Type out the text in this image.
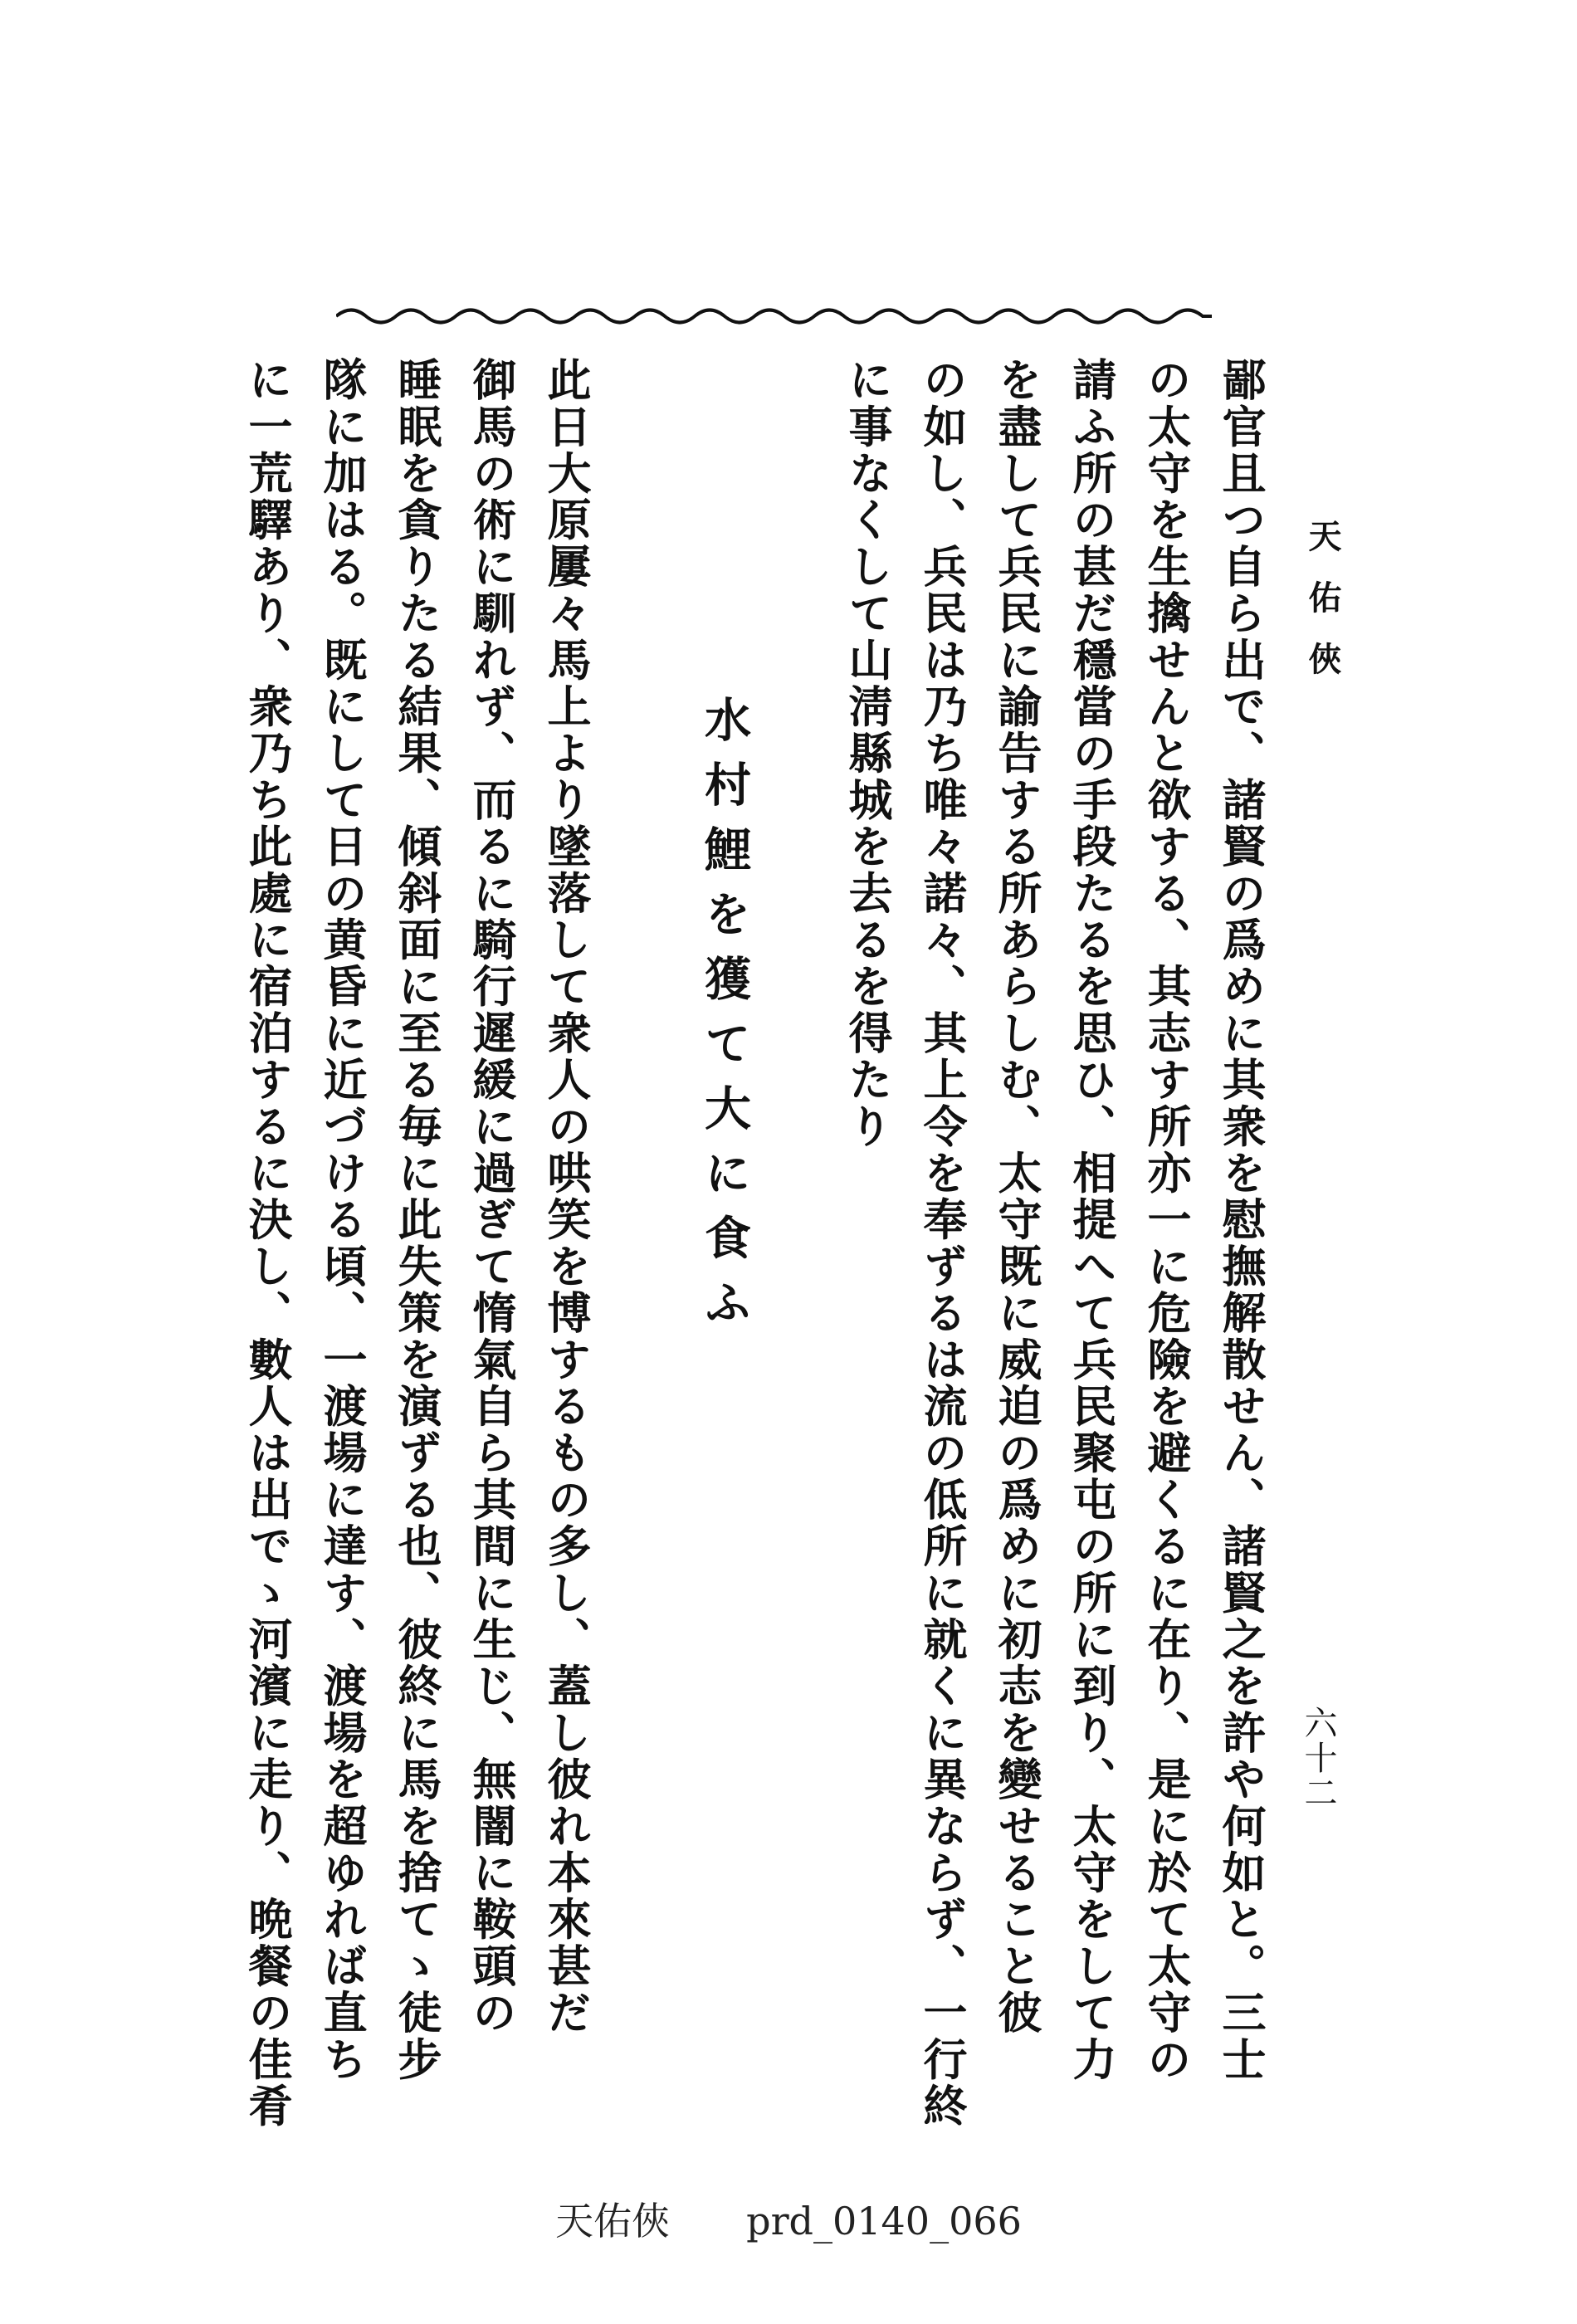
天佑俠
六十二
鄙官且つ自ら出で、諸賢の爲めに其衆を慰撫解散せん、諸賢之を許や何如と。三士
の太守を生擒せんと欲する、其志す所亦一に危險を避くるに在り、是に於て太守の
請ふ所の甚だ穩當の手段たるを思ひ、相提へて兵民聚屯の所に到り、太守をして力
を盡して兵民に諭告する所あらしむ、太守既に威迫の爲めに初志を變せること彼
の如し、兵民は乃ち唯々諾々、其上令を奉ずるは流の低所に就くに異ならず、一行終
に事なくして山淸縣城を去るを得たり
水村鯉を獲て大に食ふ
此日大原屢々馬上より墜落して衆人の哄笑を博するもの多し、蓋し彼れ本來甚だ
御馬の術に馴れず、而るに騎行遲緩に過ぎて惰氣自ら其間に生じ、無闇に鞍頭の
睡眠を貪りたる結果、傾斜面に至る毎に此失策を演ずる也、彼終に馬を捨てゝ徒步
隊に加はる。既にして日の黄昏に近づける頃、一渡場に達す、渡場を超ゆれば直ち
に一荒驛あり、衆乃ち此處に宿泊するに決し、數人は出でゝ河濱に走り、晩餐の佳肴
天佑俠　　prd_0140_066
